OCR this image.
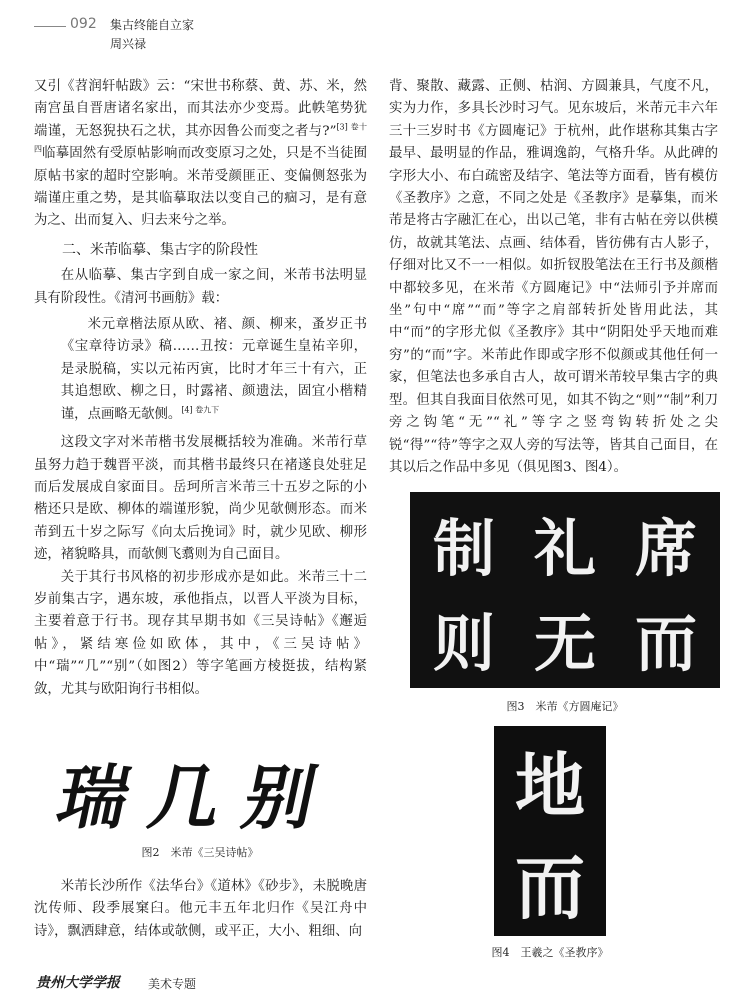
092 集古终能自立家
周兴禄

又引《苕润轩帖跋》云：“宋世书称蔡、黄、苏、米，然南宫虽自晋唐诸名家出，而其法亦少变焉。此帙笔势犹端谨，无怒猊抉石之状，其亦因鲁公而变之者与?”$^{[3] 卷十四}$临摹固然有受原帖影响而改变原习之处，只是不当徒囿原帖书家的超时空影响。米芾受颜匪正、变偏侧怒张为端谨庄重之势，是其临摹取法以变自己的痼习，是有意为之、出而复入、归去来兮之举。

二、米芾临摹、集古字的阶段性

在从临摹、集古字到自成一家之间，米芾书法明显具有阶段性。《清河书画舫》载：

米元章楷法原从欧、褚、颜、柳来，蚤岁正书《宝章待访录》稿……丑按：元章诞生皇祐辛卯，是录脱稿，实以元祐丙寅，比时才年三十有六，正其追想欧、柳之日，时露褚、颜遗法，固宜小楷精谨，点画略无欹侧。$^{[4] 卷九下}$

这段文字对米芾楷书发展概括较为准确。米芾行草虽努力趋于魏晋平淡，而其楷书最终只在褚遂良处驻足而后发展成自家面目。岳珂所言米芾三十五岁之际的小楷还只是欧、柳体的端谨形貌，尚少见欹侧形态。而米芾到五十岁之际写《向太后挽词》时，就少见欧、柳形迹，褚貌略具，而欹侧飞翥则为自己面目。

关于其行书风格的初步形成亦是如此。米芾三十二岁前集古字，遇东坡，承他指点，以晋人平淡为目标，主要着意于行书。现存其早期书如《三吴诗帖》《邂逅帖》，紧结寒俭如欧体，其中，《三吴诗帖》中“瑞”“几”“别”（如图2）等字笔画方棱挺拔，结构紧敛，尤其与欧阳询行书相似。

瑞 几 别
图2　米芾《三吴诗帖》

米芾长沙所作《法华台》《道林》《砂步》，未脱晚唐沈传师、段季展窠臼。他元丰五年北归作《吴江舟中诗》，飘洒肆意，结体或欹侧，或平正，大小、粗细、向

背、聚散、藏露、正侧、枯润、方圆兼具，气度不凡，实为力作，多具长沙时习气。见东坡后，米芾元丰六年三十三岁时书《方圆庵记》于杭州，此作堪称其集古字最早、最明显的作品，雅调逸韵，气格升华。从此碑的字形大小、布白疏密及结字、笔法等方面看，皆有模仿《圣教序》之意，不同之处是《圣教序》是摹集，而米芾是将古字融汇在心，出以己笔，非有古帖在旁以供模仿，故就其笔法、点画、结体看，皆彷佛有古人影子，仔细对比又不一一相似。如折钗股笔法在王行书及颜楷中都较多见，在米芾《方圆庵记》中“法师引予并席而坐”句中“席”“而”等字之肩部转折处皆用此法，其中“而”的字形尤似《圣教序》其中“阴阳处乎天地而难穷”的“而”字。米芾此作即或字形不似颜或其他任何一家，但笔法也多承自古人，故可谓米芾较早集古字的典型。但其自我面目依然可见，如其不钩之“则”“制”利刀旁之钩笔“无”“礼”等字之竖弯钩转折处之尖锐“得”“待”等字之双人旁的写法等，皆其自己面目，在其以后之作品中多见（俱见图3、图4）。

制 礼 席
则 无 而
图3　米芾《方圆庵记》
地
而
图4　王羲之《圣教序》
贵州大学学报 美术专题
